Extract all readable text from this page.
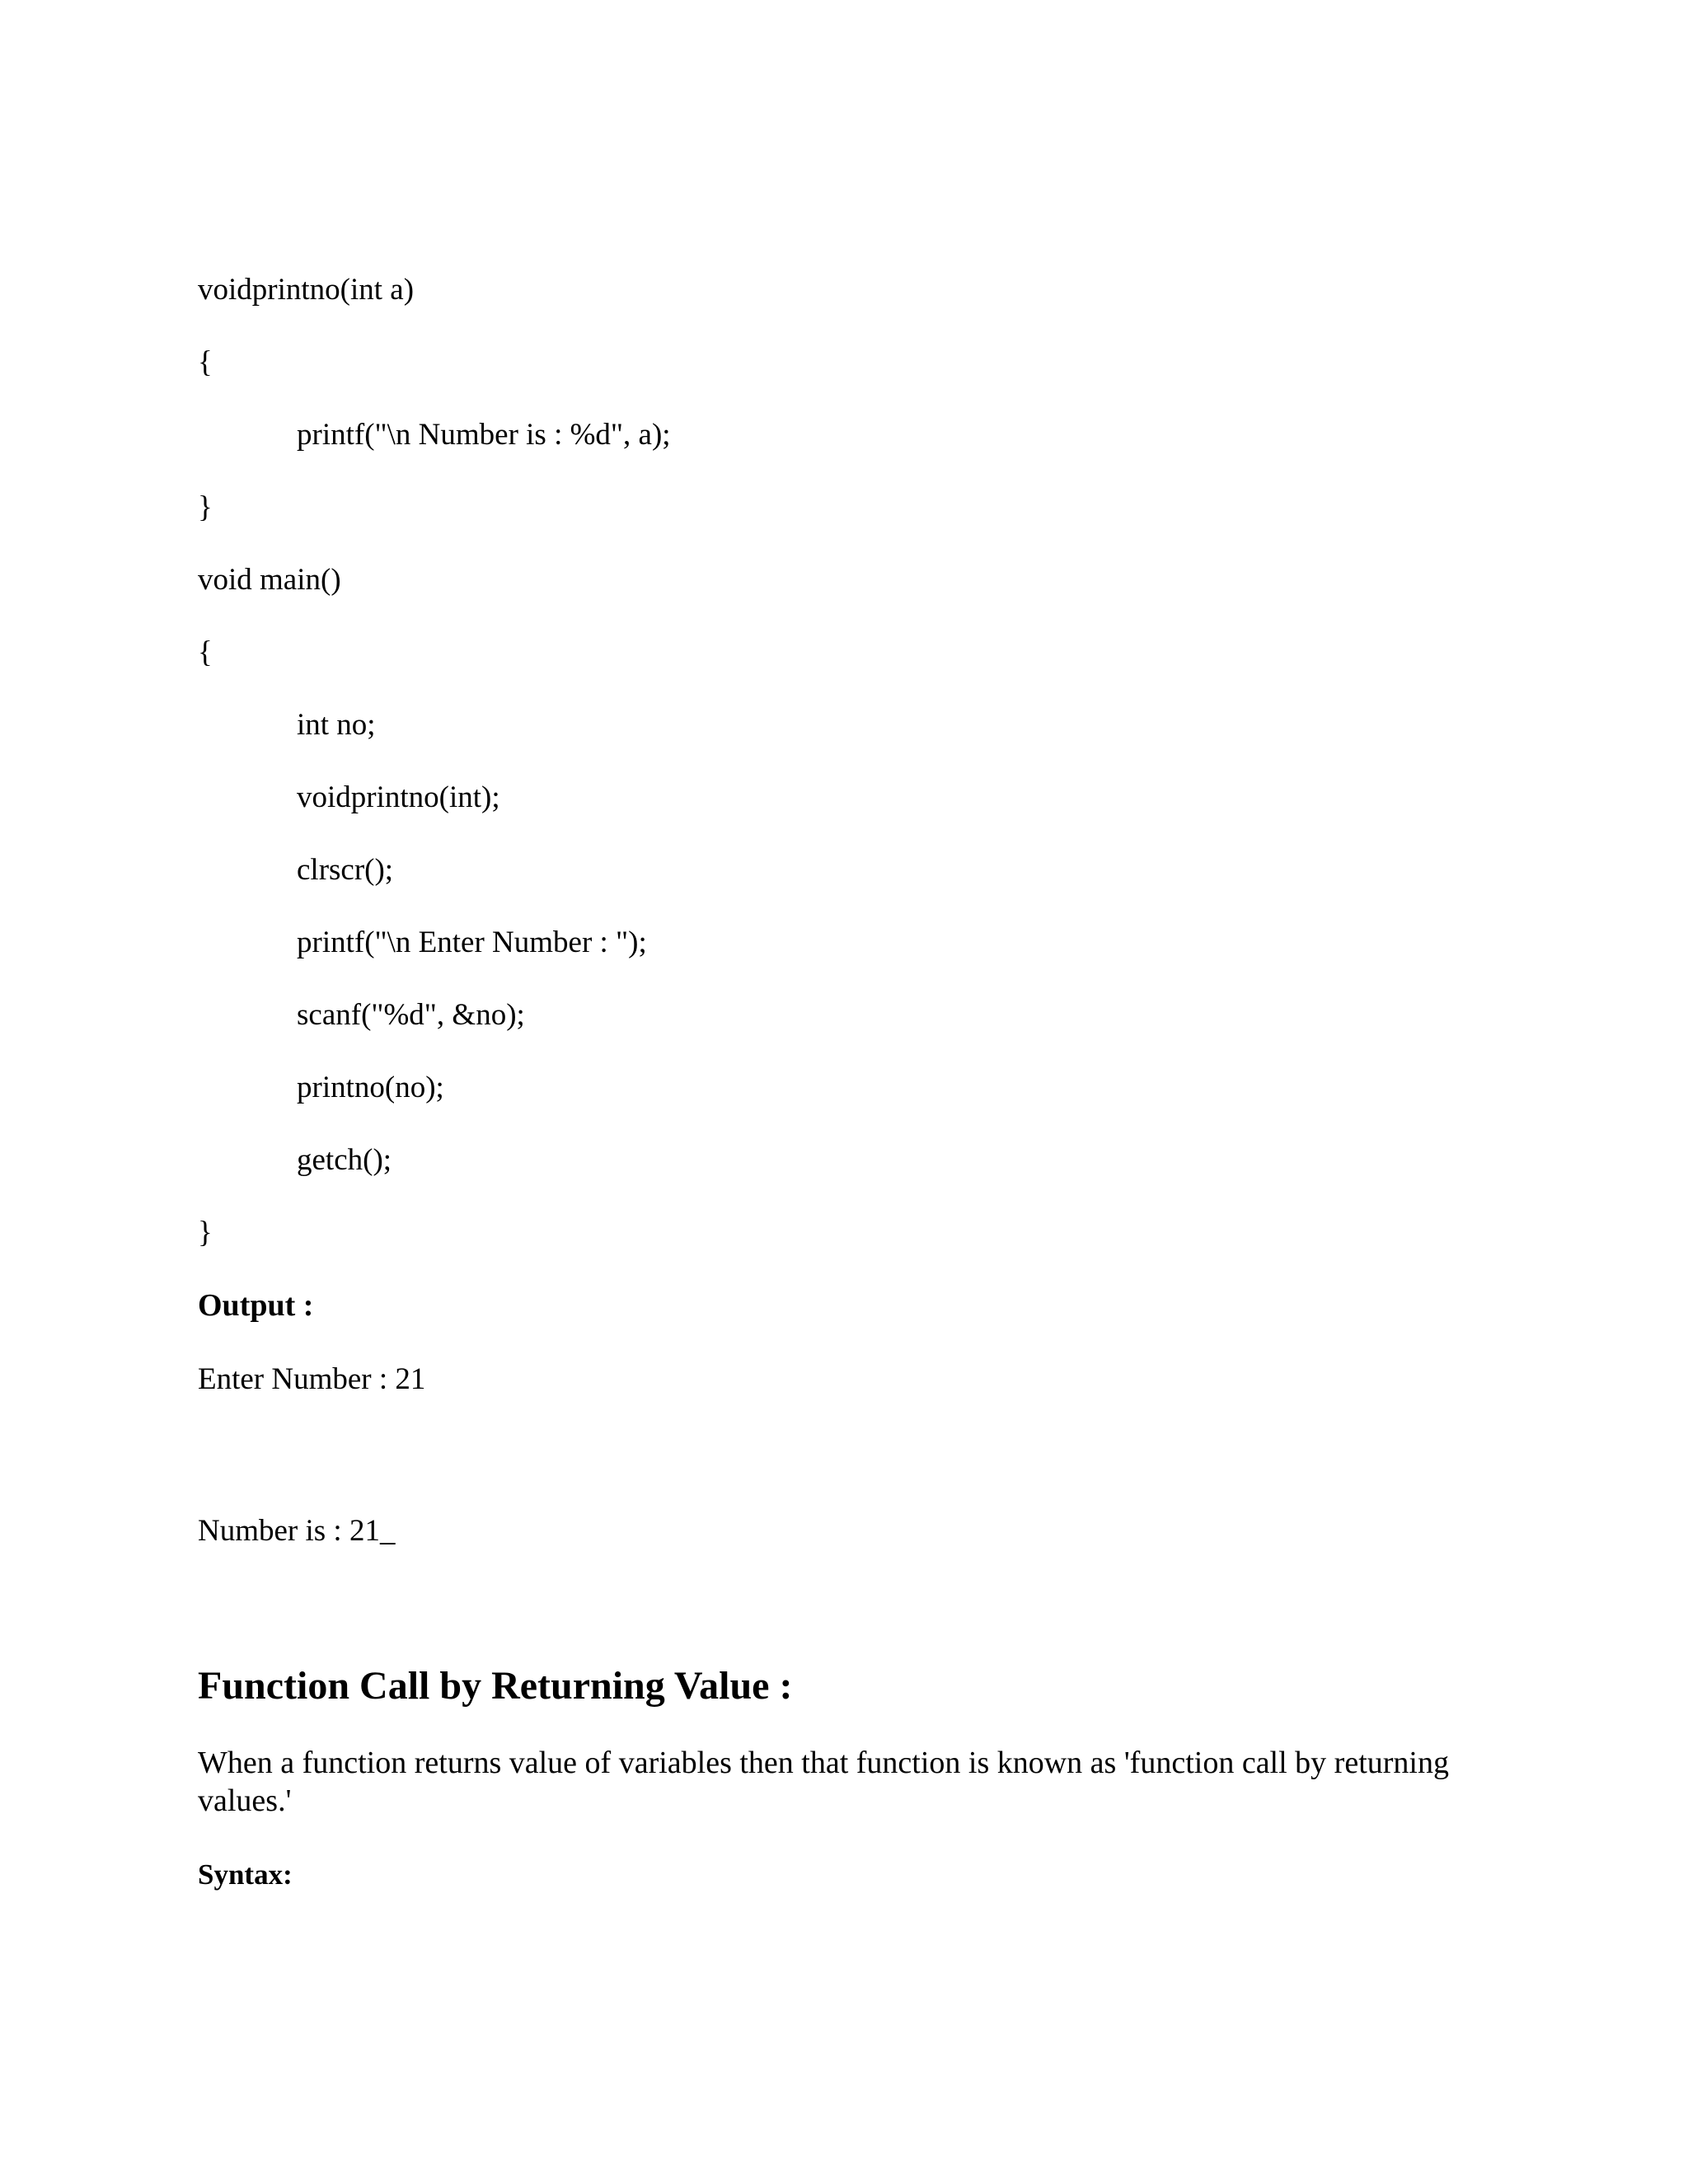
voidprintno(int a)
{
printf("\n Number is : %d", a);
}
void main()
{
int no;
voidprintno(int);
clrscr();
printf("\n Enter Number : ");
scanf("%d", &no);
printno(no);
getch();
}
Output :
Enter Number : 21
Number is : 21_
Function Call by Returning Value :
When a function returns value of variables then that function is known as 'function call by returning values.'
Syntax:
